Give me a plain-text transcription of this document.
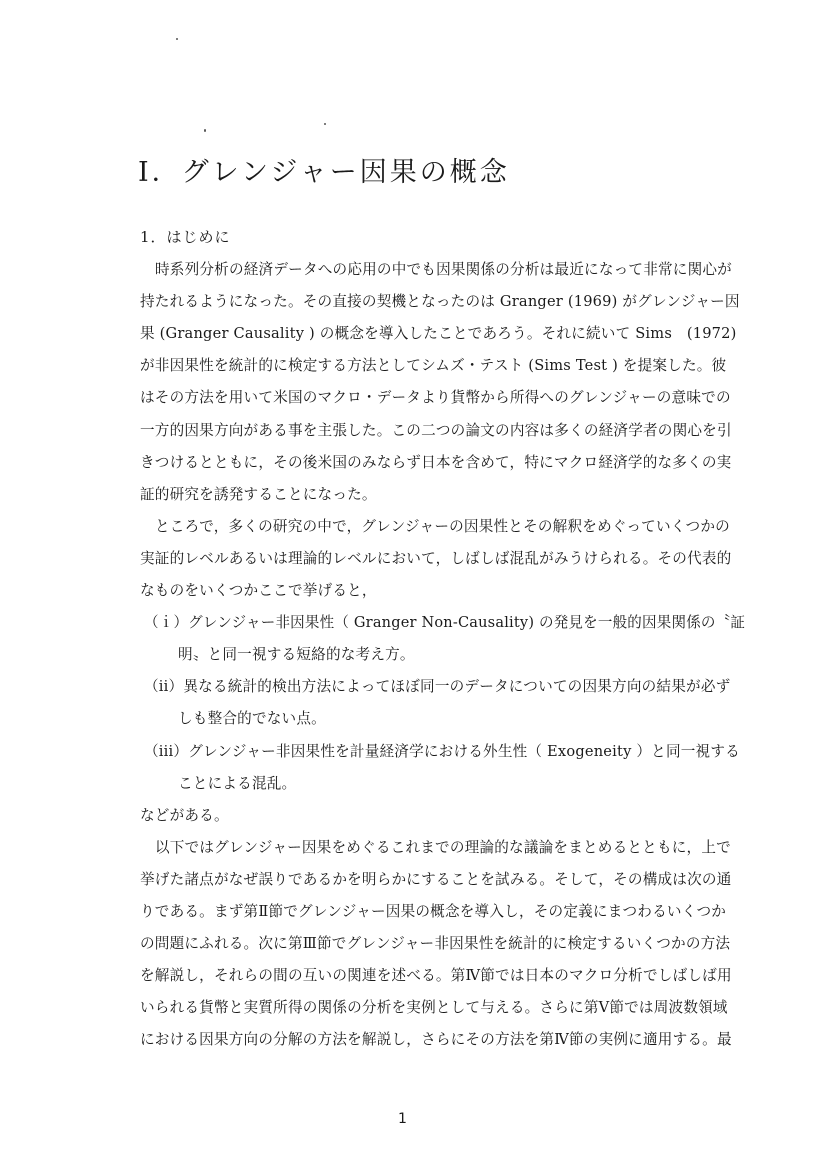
I．グレンジャー因果の概念
1．はじめに
時系列分析の経済データへの応用の中でも因果関係の分析は最近になって非常に関心が
持たれるようになった。その直接の契機となったのは Granger (1969) がグレンジャー因
果 (Granger Causality ) の概念を導入したことであろう。それに続いて Sims　(1972)
が非因果性を統計的に検定する方法としてシムズ・テスト (Sims Test ) を提案した。彼
はその方法を用いて米国のマクロ・データより貨幣から所得へのグレンジャーの意味での
一方的因果方向がある事を主張した。この二つの論文の内容は多くの経済学者の関心を引
きつけるとともに，その後米国のみならず日本を含めて，特にマクロ経済学的な多くの実
証的研究を誘発することになった。
ところで，多くの研究の中で，グレンジャーの因果性とその解釈をめぐっていくつかの
実証的レベルあるいは理論的レベルにおいて，しばしば混乱がみうけられる。その代表的
なものをいくつかここで挙げると，
（ｉ）グレンジャー非因果性（ Granger Non-Causality) の発見を一般的因果関係の〝証
明〟と同一視する短絡的な考え方。
（ii）異なる統計的検出方法によってほぼ同一のデータについての因果方向の結果が必ず
しも整合的でない点。
（iii）グレンジャー非因果性を計量経済学における外生性（ Exogeneity ）と同一視する
ことによる混乱。
などがある。
以下ではグレンジャー因果をめぐるこれまでの理論的な議論をまとめるとともに，上で
挙げた諸点がなぜ誤りであるかを明らかにすることを試みる。そして，その構成は次の通
りである。まず第Ⅱ節でグレンジャー因果の概念を導入し，その定義にまつわるいくつか
の問題にふれる。次に第Ⅲ節でグレンジャー非因果性を統計的に検定するいくつかの方法
を解説し，それらの間の互いの関連を述べる。第Ⅳ節では日本のマクロ分析でしばしば用
いられる貨幣と実質所得の関係の分析を実例として与える。さらに第Ⅴ節では周波数領域
における因果方向の分解の方法を解説し，さらにその方法を第Ⅳ節の実例に適用する。最
1
